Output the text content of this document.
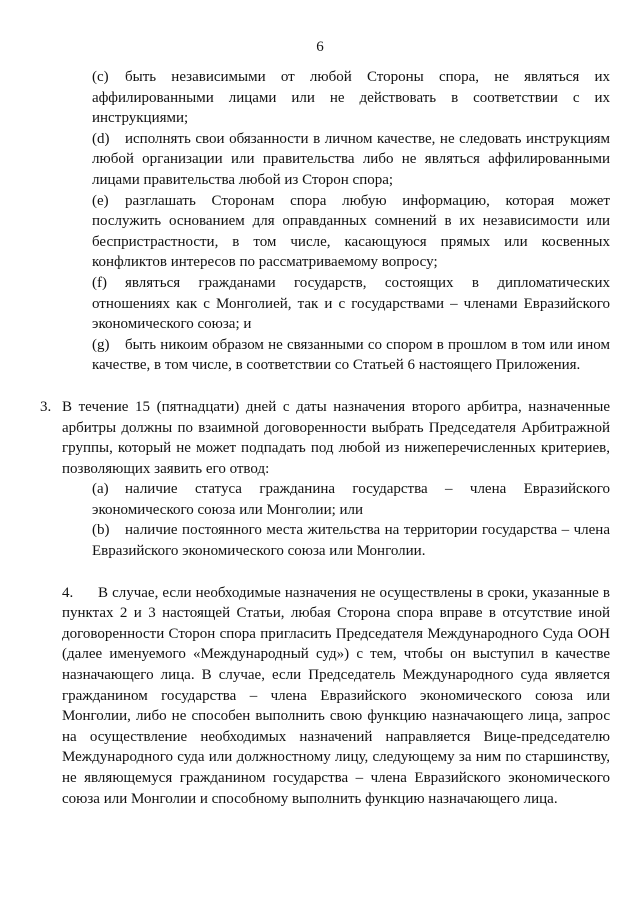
6

(c) быть независимыми от любой Стороны спора, не являться их аффилированными лицами или не действовать в соответствии с их инструкциями;

(d) исполнять свои обязанности в личном качестве, не следовать инструкциям любой организации или правительства либо не являться аффилированными лицами правительства любой из Сторон спора;

(e) разглашать Сторонам спора любую информацию, которая может послужить основанием для оправданных сомнений в их независимости или беспристрастности, в том числе, касающуюся прямых или косвенных конфликтов интересов по рассматриваемому вопросу;

(f) являться гражданами государств, состоящих в дипломатических отношениях как с Монголией, так и с государствами – членами Евразийского экономического союза; и

(g) быть никоим образом не связанными со спором в прошлом в том или ином качестве, в том числе, в соответствии со Статьей 6 настоящего Приложения.

3. В течение 15 (пятнадцати) дней с даты назначения второго арбитра, назначенные арбитры должны по взаимной договоренности выбрать Председателя Арбитражной группы, который не может подпадать под любой из нижеперечисленных критериев, позволяющих заявить его отвод:

(a) наличие статуса гражданина государства – члена Евразийского экономического союза или Монголии; или

(b) наличие постоянного места жительства на территории государства – члена Евразийского экономического союза или Монголии.

4. В случае, если необходимые назначения не осуществлены в сроки, указанные в пунктах 2 и 3 настоящей Статьи, любая Сторона спора вправе в отсутствие иной договоренности Сторон спора пригласить Председателя Международного Суда ООН (далее именуемого «Международный суд») с тем, чтобы он выступил в качестве назначающего лица. В случае, если Председатель Международного суда является гражданином государства – члена Евразийского экономического союза или Монголии, либо не способен выполнить свою функцию назначающего лица, запрос на осуществление необходимых назначений направляется Вице-председателю Международного суда или должностному лицу, следующему за ним по старшинству, не являющемуся гражданином государства – члена Евразийского экономического союза или Монголии и способному выполнить функцию назначающего лица.
